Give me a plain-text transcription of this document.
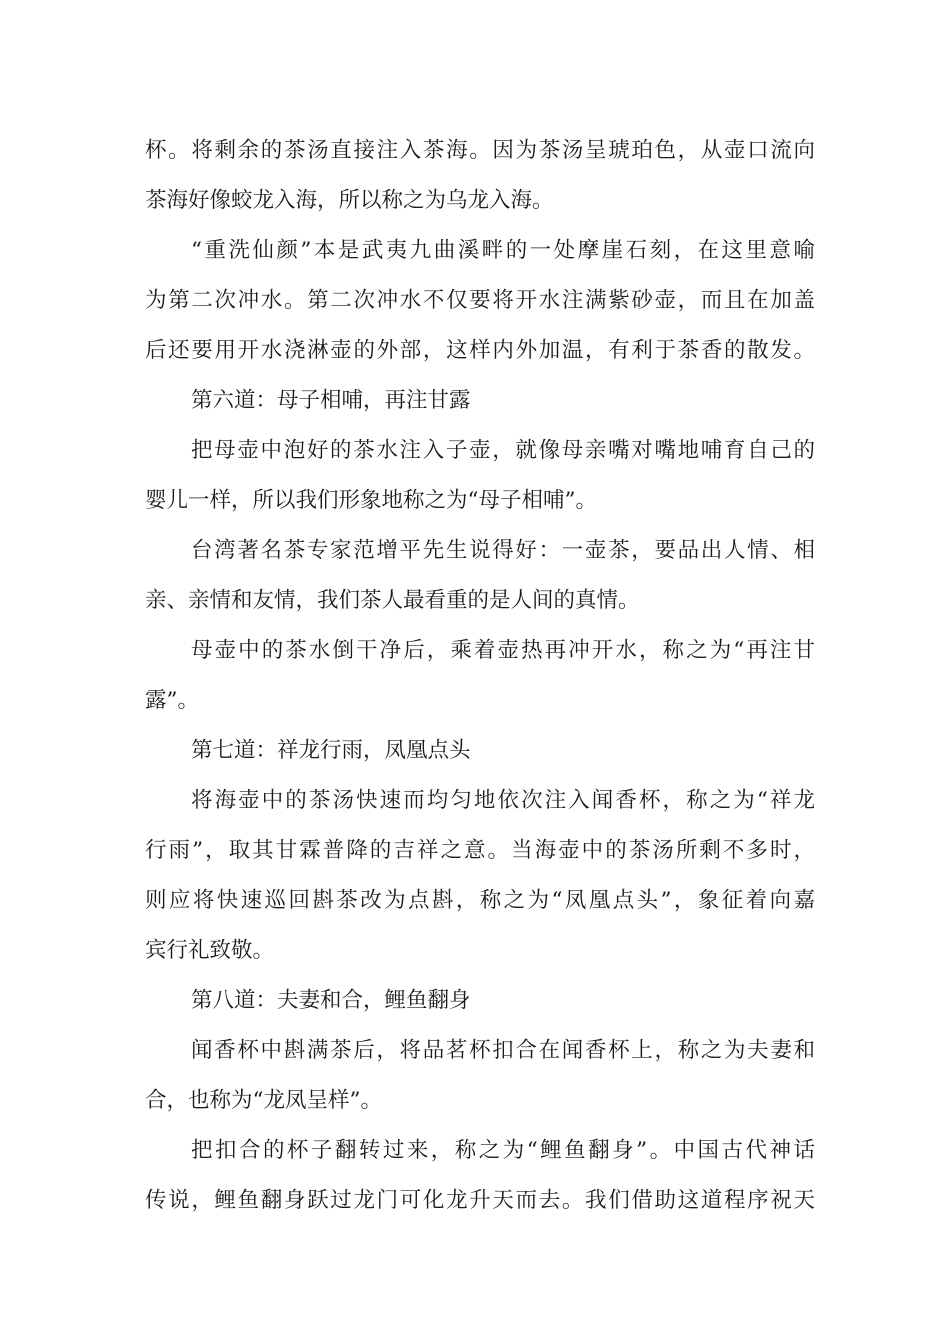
杯。将剩余的茶汤直接注入茶海。因为茶汤呈琥珀色，从壶口流向
茶海好像蛟龙入海，所以称之为乌龙入海。
“重洗仙颜”本是武夷九曲溪畔的一处摩崖石刻，在这里意喻
为第二次冲水。第二次冲水不仅要将开水注满紫砂壶，而且在加盖
后还要用开水浇淋壶的外部，这样内外加温，有利于茶香的散发。
第六道：母子相哺，再注甘露
把母壶中泡好的茶水注入子壶，就像母亲嘴对嘴地哺育自己的
婴儿一样，所以我们形象地称之为“母子相哺”。
台湾著名茶专家范增平先生说得好：一壶茶，要品出人情、相
亲、亲情和友情，我们茶人最看重的是人间的真情。
母壶中的茶水倒干净后，乘着壶热再冲开水，称之为“再注甘
露”。
第七道：祥龙行雨，凤凰点头
将海壶中的茶汤快速而均匀地依次注入闻香杯，称之为“祥龙
行雨”，取其甘霖普降的吉祥之意。当海壶中的茶汤所剩不多时，
则应将快速巡回斟茶改为点斟，称之为“凤凰点头”，象征着向嘉
宾行礼致敬。
第八道：夫妻和合，鲤鱼翻身
闻香杯中斟满茶后，将品茗杯扣合在闻香杯上，称之为夫妻和
合，也称为“龙凤呈样”。
把扣合的杯子翻转过来，称之为“鲤鱼翻身”。中国古代神话
传说，鲤鱼翻身跃过龙门可化龙升天而去。我们借助这道程序祝天
